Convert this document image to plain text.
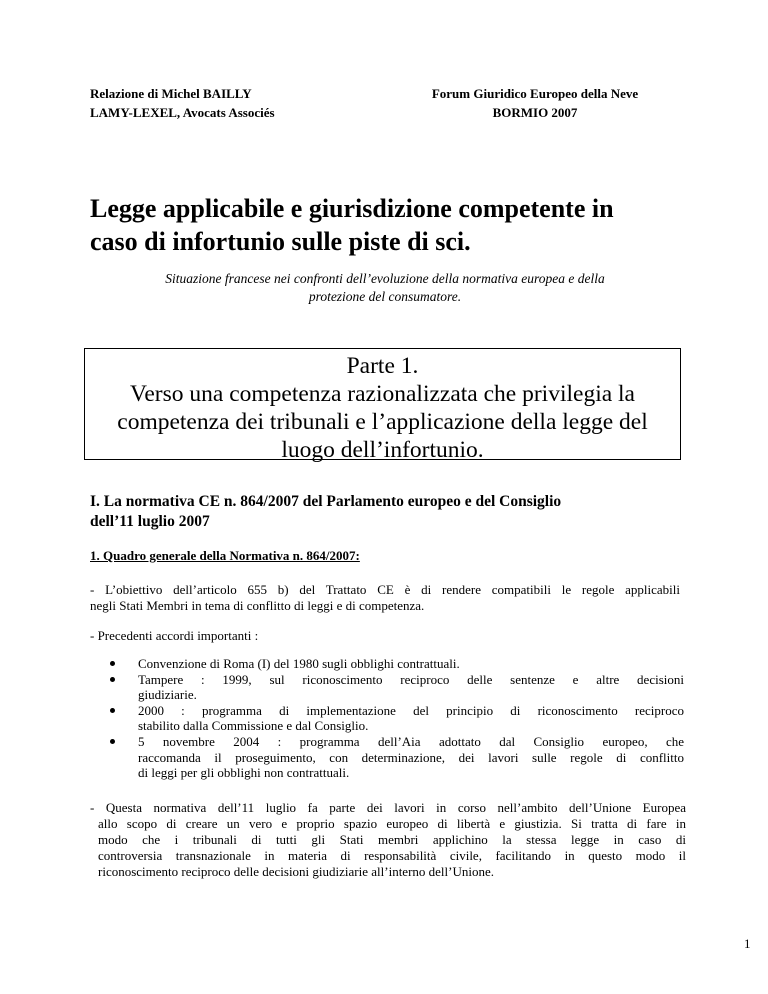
Relazione di Michel BAILLY
LAMY-LEXEL, Avocats Associés
Forum Giuridico Europeo della Neve
BORMIO 2007
Legge applicabile e giurisdizione competente in
caso di infortunio sulle piste di sci.
Situazione francese nei confronti dell’evoluzione della normativa europea e della
protezione del consumatore.
Parte 1.
Verso una competenza razionalizzata che privilegia la
competenza dei tribunali e l’applicazione della legge del
luogo dell’infortunio.
I. La normativa CE n. 864/2007 del Parlamento europeo e del Consiglio
dell’11 luglio 2007
1. Quadro generale della Normativa n. 864/2007:
- L’obiettivo dell’articolo 655 b) del Trattato CE è di rendere compatibili le regole applicabili
negli Stati Membri in tema di conflitto di leggi e di competenza.
- Precedenti accordi importanti :
Convenzione di Roma (I) del 1980 sugli obblighi contrattuali.
Tampere : 1999, sul riconoscimento reciproco delle sentenze e altre decisioni
giudiziarie.
2000 : programma di implementazione del principio di riconoscimento reciproco
stabilito dalla Commissione e dal Consiglio.
5 novembre 2004 : programma dell’Aia adottato dal Consiglio europeo, che
raccomanda il proseguimento, con determinazione, dei lavori sulle regole di conflitto
di leggi per gli obblighi non contrattuali.
- Questa normativa dell’11 luglio fa parte dei lavori in corso nell’ambito dell’Unione Europea
allo scopo di creare un vero e proprio spazio europeo di libertà e giustizia. Si tratta di fare in
modo che i tribunali di tutti gli Stati membri applichino la stessa legge in caso di
controversia transnazionale in materia di responsabilità civile, facilitando in questo modo il
riconoscimento reciproco delle decisioni giudiziarie all’interno dell’Unione.
1
